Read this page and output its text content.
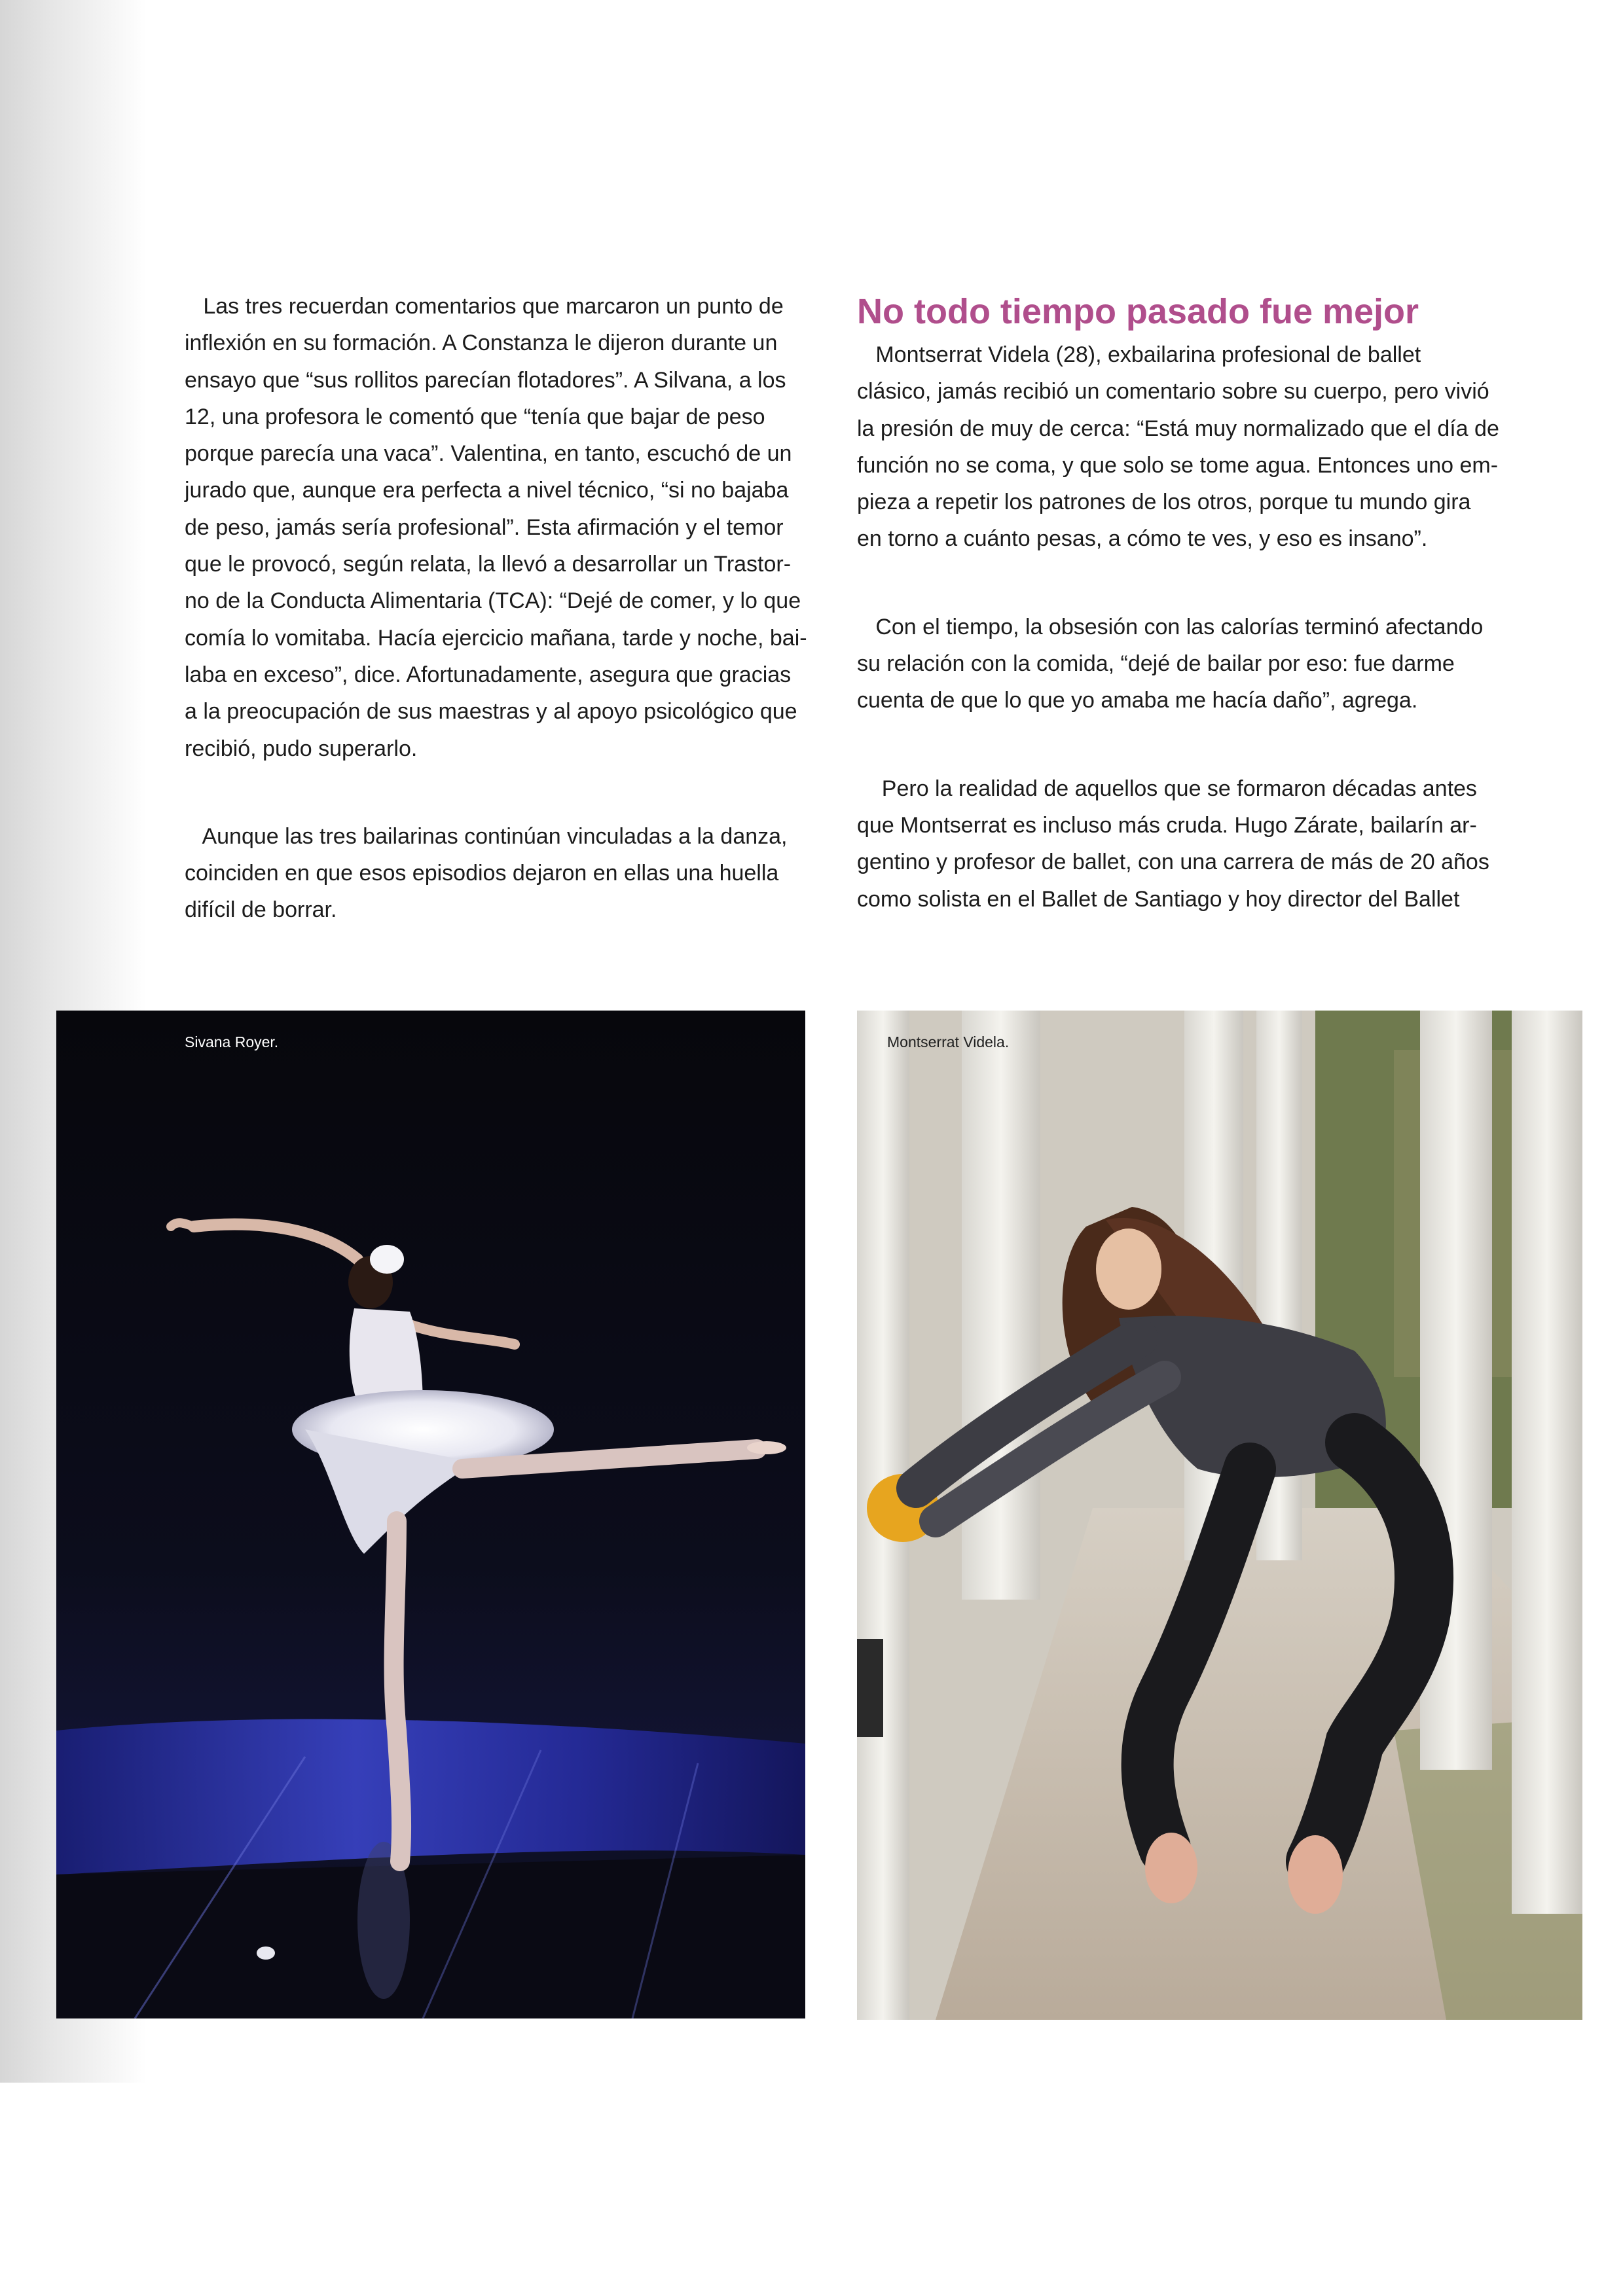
Las tres recuerdan comentarios que marcaron un punto de

inflexión en su formación. A Constanza le dijeron durante un

ensayo que “sus rollitos parecían flotadores”. A Silvana, a los

12, una profesora le comentó que “tenía que bajar de peso

porque parecía una vaca”. Valentina, en tanto, escuchó de un

jurado que, aunque era perfecta a nivel técnico, “si no bajaba

de peso, jamás sería profesional”. Esta afirmación y el temor

que le provocó, según relata, la llevó a desarrollar un Trastor-

no de la Conducta Alimentaria (TCA): “Dejé de comer, y lo que

comía lo vomitaba. Hacía ejercicio mañana, tarde y noche, bai-

laba en exceso”, dice. Afortunadamente, asegura que gracias

a la preocupación de sus maestras y al apoyo psicológico que

recibió, pudo superarlo.

Aunque las tres bailarinas continúan vinculadas a la danza,

coinciden en que esos episodios dejaron en ellas una huella

difícil de borrar.

No todo tiempo pasado fue mejor

Montserrat Videla (28), exbailarina profesional de ballet

clásico, jamás recibió un comentario sobre su cuerpo, pero vivió

la presión de muy de cerca: “Está muy normalizado que el día de

función no se coma, y que solo se tome agua. Entonces uno em-

pieza a repetir los patrones de los otros, porque tu mundo gira

en torno a cuánto pesas, a cómo te ves, y eso es insano”.

Con el tiempo, la obsesión con las calorías terminó afectando

su relación con la comida, “dejé de bailar por eso: fue darme

cuenta de que lo que yo amaba me hacía daño”, agrega.

Pero la realidad de aquellos que se formaron décadas antes

que Montserrat es incluso más cruda. Hugo Zárate, bailarín ar-

gentino y profesor de ballet, con una carrera de más de 20 años

como solista en el Ballet de Santiago y hoy director del Ballet

Sivana Royer.	Montserrat Videla.
